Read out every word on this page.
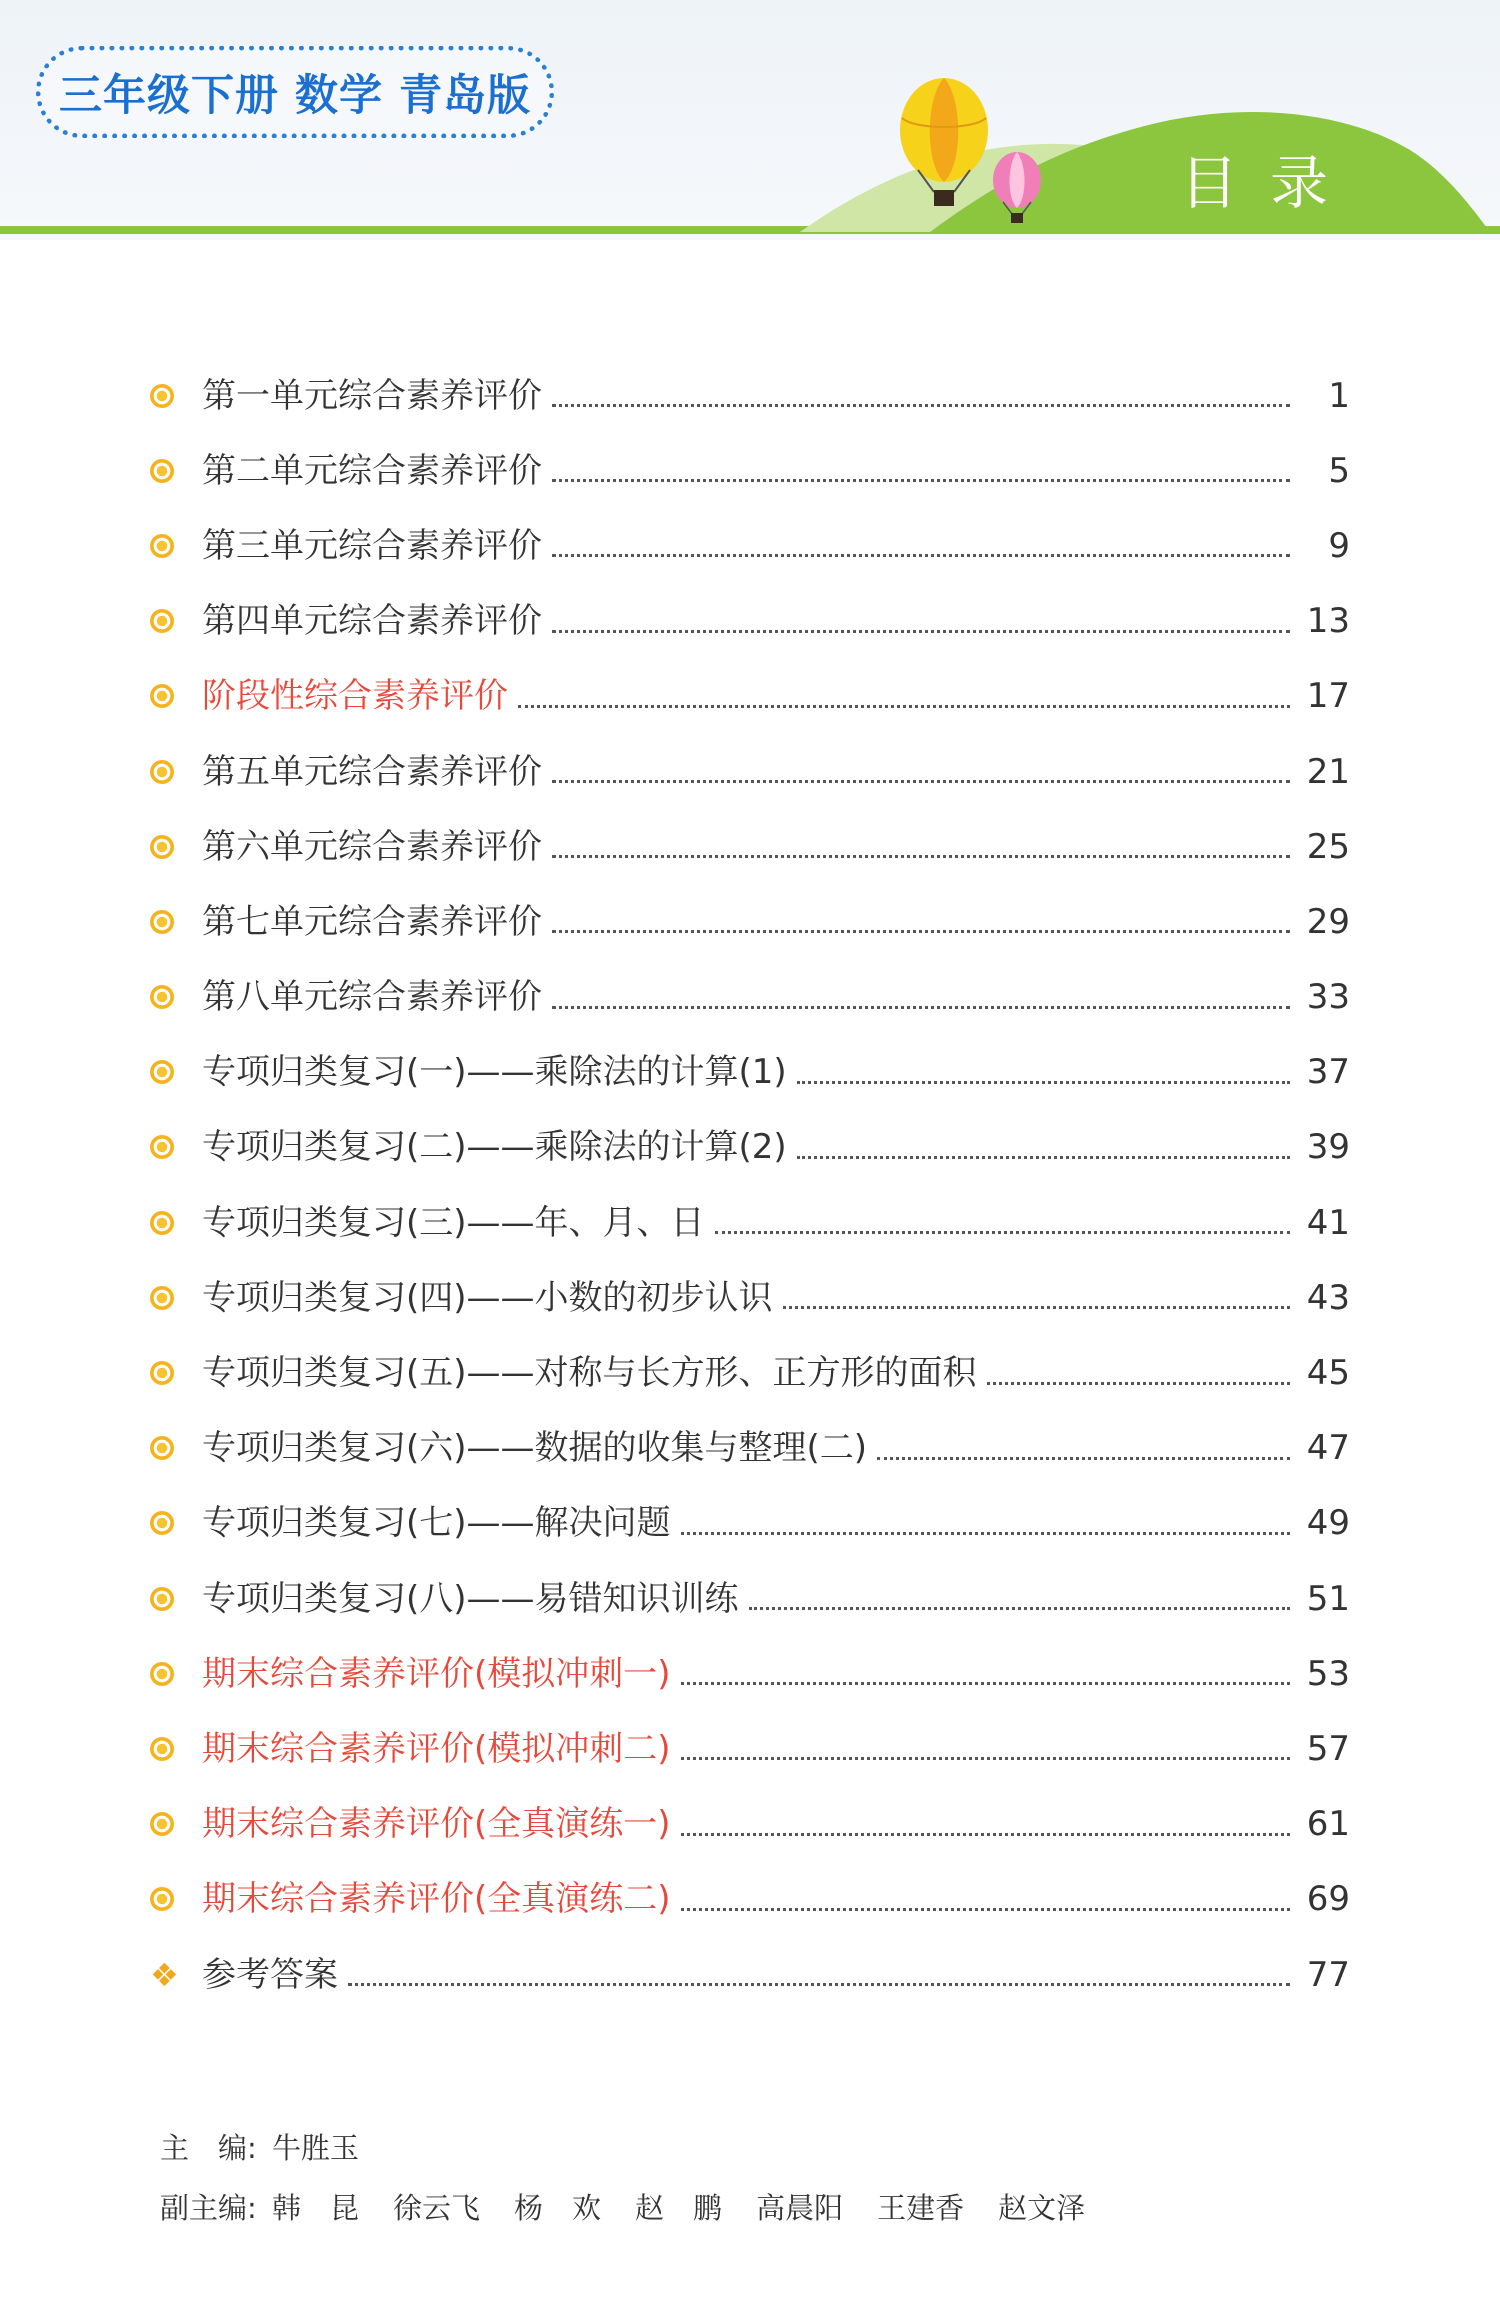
三年级下册 数学 青岛版
目录
第一单元综合素养评价	1
第二单元综合素养评价	5
第三单元综合素养评价	9
第四单元综合素养评价	13
阶段性综合素养评价	17
第五单元综合素养评价	21
第六单元综合素养评价	25
第七单元综合素养评价	29
第八单元综合素养评价	33
专项归类复习(一)——乘除法的计算(1)	37
专项归类复习(二)——乘除法的计算(2)	39
专项归类复习(三)——年、月、日	41
专项归类复习(四)——小数的初步认识	43
专项归类复习(五)——对称与长方形、正方形的面积	45
专项归类复习(六)——数据的收集与整理(二)	47
专项归类复习(七)——解决问题	49
专项归类复习(八)——易错知识训练	51
期末综合素养评价(模拟冲刺一)	53
期末综合素养评价(模拟冲刺二)	57
期末综合素养评价(全真演练一)	61
期末综合素养评价(全真演练二)	69
❖ 参考答案	77
主　编: 牛胜玉
副主编: 韩　昆 徐云飞 杨　欢 赵　鹏 高晨阳 王建香 赵文泽
